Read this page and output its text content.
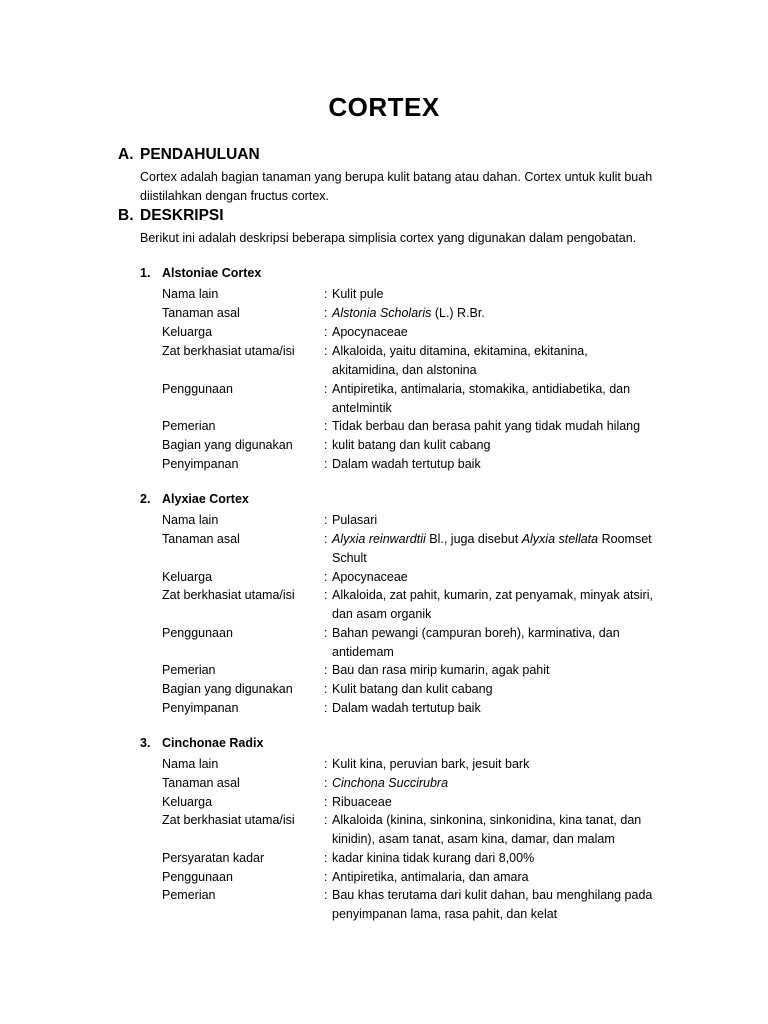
CORTEX
A. PENDAHULUAN
Cortex adalah bagian tanaman yang berupa kulit batang atau dahan. Cortex untuk kulit buah
diistilahkan dengan fructus cortex.
B. DESKRIPSI
Berikut ini adalah deskripsi beberapa simplisia cortex yang digunakan dalam pengobatan.
1. Alstoniae Cortex
Nama lain	: Kulit pule
Tanaman asal	: Alstonia Scholaris (L.) R.Br.
Keluarga	: Apocynaceae
Zat berkhasiat utama/isi	: Alkaloida, yaitu ditamina, ekitamina, ekitanina,
akitamidina, dan alstonina
Penggunaan	: Antipiretika, antimalaria, stomakika, antidiabetika, dan
antelmintik
Pemerian	: Tidak berbau dan berasa pahit yang tidak mudah hilang
Bagian yang digunakan	: kulit batang dan kulit cabang
Penyimpanan	: Dalam wadah tertutup baik
2. Alyxiae Cortex
Nama lain	: Pulasari
Tanaman asal	: Alyxia reinwardtii Bl., juga disebut Alyxia stellata Roomset
Schult
Keluarga	: Apocynaceae
Zat berkhasiat utama/isi	: Alkaloida, zat pahit, kumarin, zat penyamak, minyak atsiri,
dan asam organik
Penggunaan	: Bahan pewangi (campuran boreh), karminativa, dan
antidemam
Pemerian	: Bau dan rasa mirip kumarin, agak pahit
Bagian yang digunakan	: Kulit batang dan kulit cabang
Penyimpanan	: Dalam wadah tertutup baik
3. Cinchonae Radix
Nama lain	: Kulit kina, peruvian bark, jesuit bark
Tanaman asal	: Cinchona Succirubra
Keluarga	: Ribuaceae
Zat berkhasiat utama/isi	: Alkaloida (kinina, sinkonina, sinkonidina, kina tanat, dan
kinidin), asam tanat, asam kina, damar, dan malam
Persyaratan kadar	: kadar kinina tidak kurang dari 8,00%
Penggunaan	: Antipiretika, antimalaria, dan amara
Pemerian	: Bau khas terutama dari kulit dahan, bau menghilang pada
penyimpanan lama, rasa pahit, dan kelat
